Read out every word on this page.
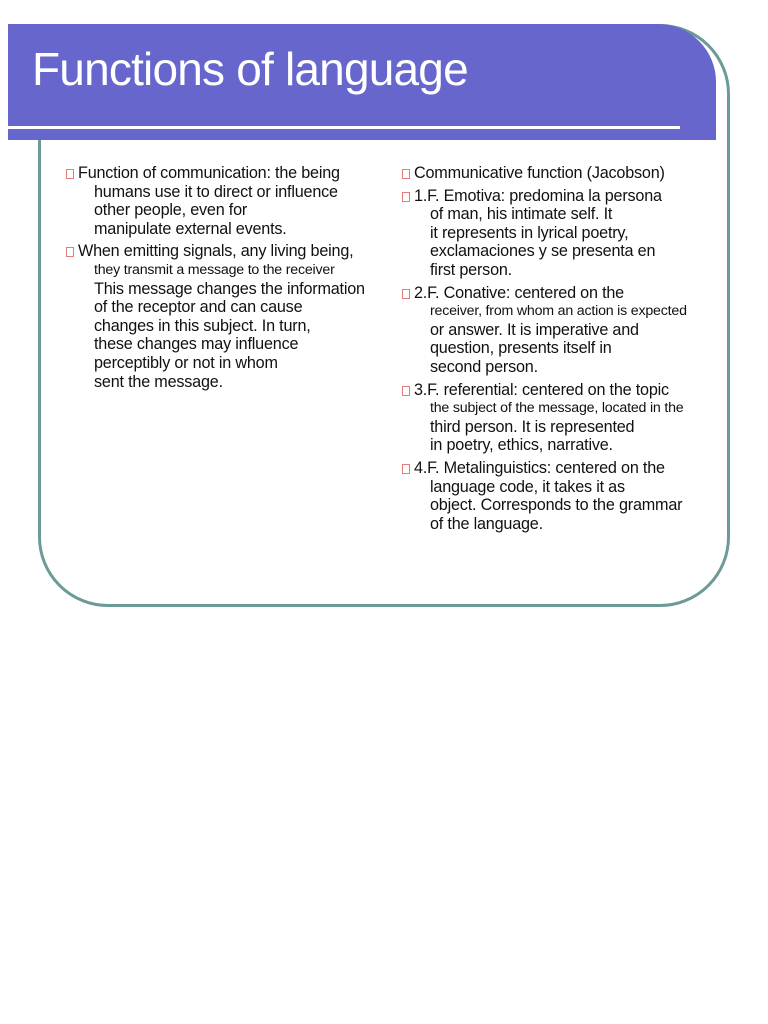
Functions of language
Function of communication: the being
humans use it to direct or influence
other people, even for
manipulate external events.
When emitting signals, any living being,
they transmit a message to the receiver
This message changes the information
of the receptor and can cause
changes in this subject. In turn,
these changes may influence
perceptibly or not in whom
sent the message.
Communicative function (Jacobson)
1.F. Emotiva: predomina la persona
of man, his intimate self. It
it represents in lyrical poetry,
exclamaciones y se presenta en
first person.
2.F. Conative: centered on the
receiver, from whom an action is expected
or answer. It is imperative and
question, presents itself in
second person.
3.F. referential: centered on the topic
the subject of the message, located in the
third person. It is represented
in poetry, ethics, narrative.
4.F. Metalinguistics: centered on the
language code, it takes it as
object. Corresponds to the grammar
of the language.
